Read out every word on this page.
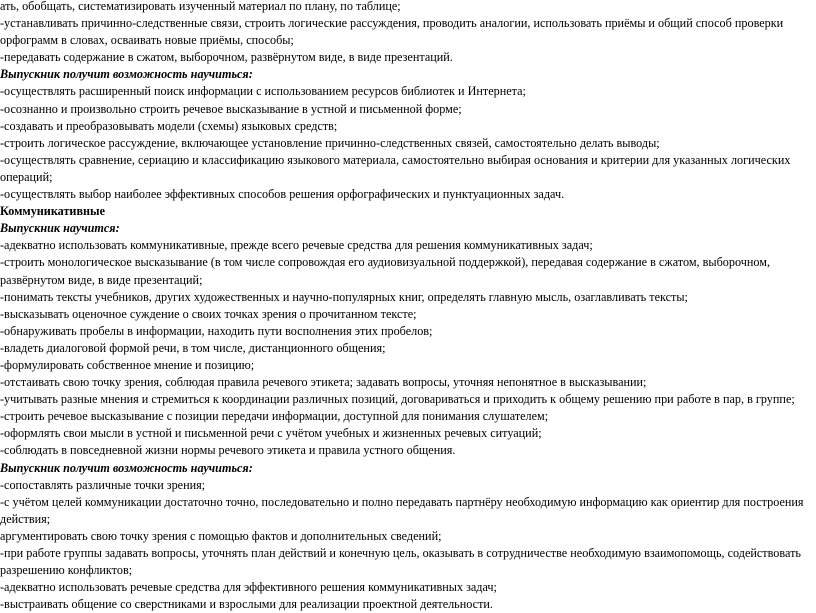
ать, обобщать, систематизировать изученный материал по плану, по таблице;

-устанавливать причинно-следственные связи, строить логические рассуждения, проводить аналогии, использовать приёмы и общий способ проверки орфограмм в словах, осваивать новые приёмы, способы;

-передавать содержание в сжатом, выборочном, развёрнутом виде, в виде презентаций.

Выпускник получит возможность научиться:

-осуществлять расширенный поиск информации с использованием ресурсов библиотек и Интернета;

-осознанно и произвольно строить речевое высказывание в устной и письменной форме;

-создавать и преобразовывать модели (схемы) языковых средств;

-строить логическое рассуждение, включающее установление причинно-следственных связей, самостоятельно делать выводы;

-осуществлять сравнение, сериацию и классификацию языкового материала, самостоятельно выбирая основания и критерии для указанных логических операций;

-осуществлять выбор наиболее эффективных способов решения орфографических и пунктуационных задач.

Коммуникативные

Выпускник научится:

-адекватно использовать коммуникативные, прежде всего речевые средства для решения коммуникативных задач;

-строить монологическое высказывание (в том числе сопровождая его аудиовизуальной поддержкой), передавая содержание в сжатом, выборочном, развёрнутом виде, в виде презентаций;

-понимать тексты учебников, других художественных и научно-популярных книг, определять главную мысль, озаглавливать тексты;

-высказывать оценочное суждение о своих точках зрения о прочитанном тексте;

-обнаруживать пробелы в информации, находить пути восполнения этих пробелов;

-владеть диалоговой формой речи, в том числе, дистанционного общения;

-формулировать собственное мнение и позицию;

-отстаивать свою точку зрения, соблюдая правила речевого этикета; задавать вопросы, уточняя непонятное в высказывании;

-учитывать разные мнения и стремиться к координации различных позиций, договариваться и приходить к общему решению при работе в пар, в группе;

-строить речевое высказывание с позиции передачи информации, доступной для понимания слушателем;

-оформлять свои мысли в устной и письменной речи с учётом учебных и жизненных речевых ситуаций;

-соблюдать в повседневной жизни нормы речевого этикета и правила устного общения.

Выпускник получит возможность научиться:

-сопоставлять различные точки зрения;

-с учётом целей коммуникации достаточно точно, последовательно и полно передавать партнёру необходимую информацию как ориентир для построения действия;

аргументировать свою точку зрения с помощью фактов и дополнительных сведений;

-при работе группы задавать вопросы, уточнять план действий и конечную цель, оказывать в сотрудничестве необходимую взаимопомощь, содействовать разрешению конфликтов;

-адекватно использовать речевые средства для эффективного решения коммуникативных задач;

-выстраивать общение со сверстниками и взрослыми для реализации проектной деятельности.
